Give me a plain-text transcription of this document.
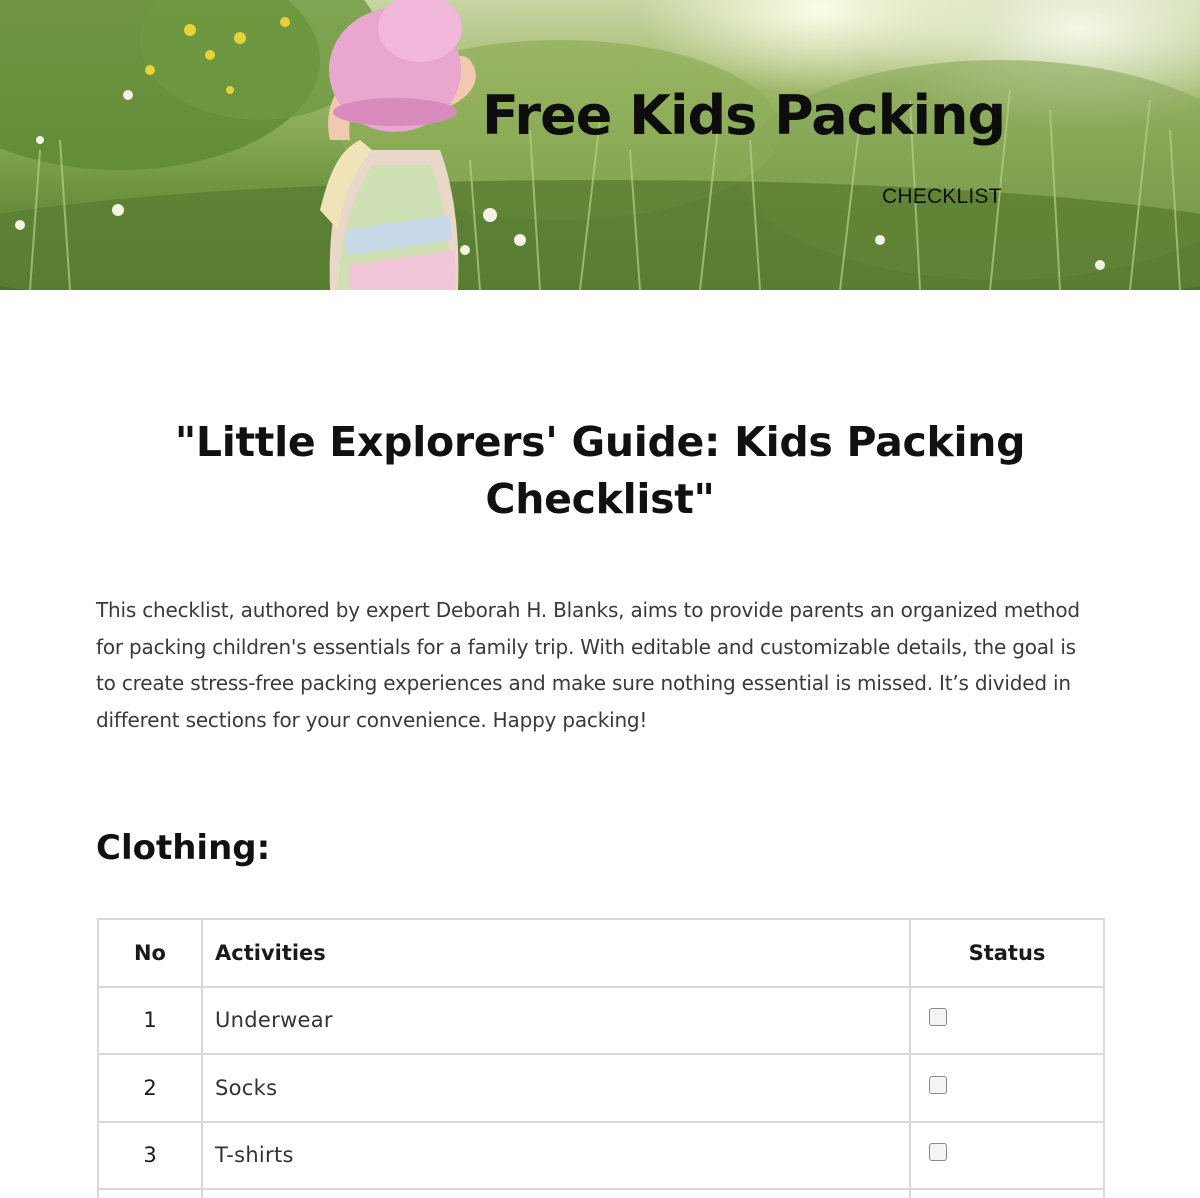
Free Kids Packing
CHECKLIST
"Little Explorers' Guide: Kids Packing Checklist"

This checklist, authored by expert Deborah H. Blanks, aims to provide parents an organized method for packing children's essentials for a family trip. With editable and customizable details, the goal is to create stress-free packing experiences and make sure nothing essential is missed. It’s divided in different sections for your convenience. Happy packing!

Clothing:
No	Activities	Status
1	Underwear	
2	Socks	
3	T-shirts	
